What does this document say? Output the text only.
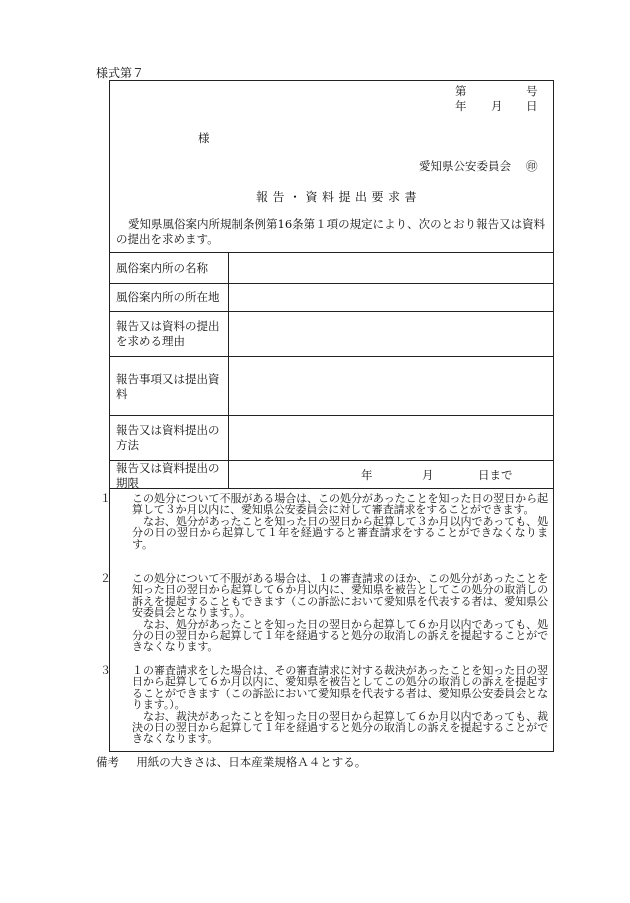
様式第７
第	号
年 月 日
様
愛知県公安委員会 ㊞
報告・資料提出要求書
愛知県風俗案内所規制条例第16条第１項の規定により、次のとおり報告又は資料の提出を求めます。
風俗案内所の名称
風俗案内所の所在地
報告又は資料の提出を求める理由
報告事項又は提出資料
報告又は資料提出の方法
報告又は資料提出の期限
年	月	日まで

１ この処分について不服がある場合は、この処分があったことを知った日の翌日から起算して３か月以内に、愛知県公安委員会に対して審査請求をすることができます。

なお、処分があったことを知った日の翌日から起算して３か月以内であっても、処分の日の翌日から起算して１年を経過すると審査請求をすることができなくなります。

２ この処分について不服がある場合は、１の審査請求のほか、この処分があったことを知った日の翌日から起算して６か月以内に、愛知県を被告としてこの処分の取消しの訴えを提起することもできます（この訴訟において愛知県を代表する者は、愛知県公安委員会となります。）。

なお、処分があったことを知った日の翌日から起算して６か月以内であっても、処分の日の翌日から起算して１年を経過すると処分の取消しの訴えを提起することができなくなります。

３ １の審査請求をした場合は、その審査請求に対する裁決があったことを知った日の翌日から起算して６か月以内に、愛知県を被告としてこの処分の取消しの訴えを提起することができます（この訴訟において愛知県を代表する者は、愛知県公安委員会となります。）。

なお、裁決があったことを知った日の翌日から起算して６か月以内であっても、裁決の日の翌日から起算して１年を経過すると処分の取消しの訴えを提起することができなくなります。

備考 用紙の大きさは、日本産業規格Ａ４とする。
